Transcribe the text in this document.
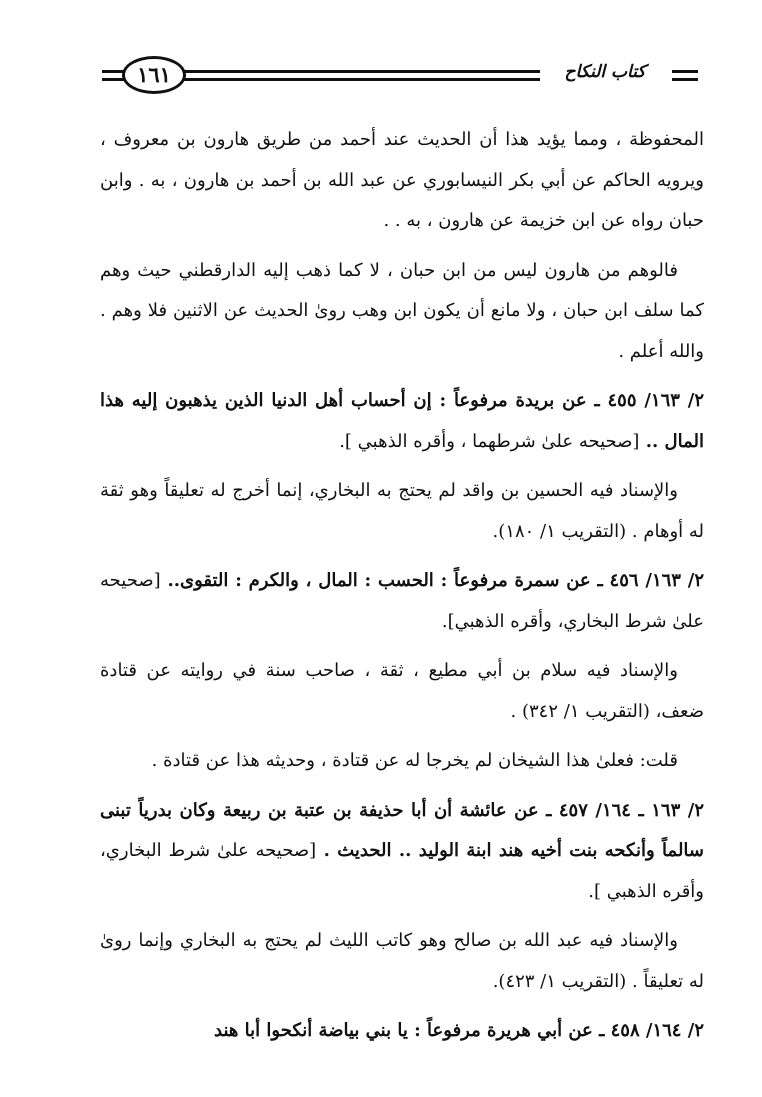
١٦١	كتاب النكاح

المحفوظة ، ومما يؤيد هذا أن الحديث عند أحمد من طريق هارون بن معروف ، ويرويه الحاكم عن أبي بكر النيسابوري عن عبد الله بن أحمد بن هارون ، به . وابن حبان رواه عن ابن خزيمة عن هارون ، به . .

فالوهم من هارون ليس من ابن حبان ، لا كما ذهب إليه الدارقطني حيث وهم كما سلف ابن حبان ، ولا مانع أن يكون ابن وهب روىٰ الحديث عن الاثنين فلا وهم . والله أعلم .

٢/ ١٦٣/ ٤٥٥ ـ عن بريدة مرفوعاً : إن أحساب أهل الدنيا الذين يذهبون إليه هذا المال .. [صحيحه علىٰ شرطهما ، وأقره الذهبي ].

والإسناد فيه الحسين بن واقد لم يحتج به البخاري، إنما أخرج له تعليقاً وهو ثقة له أوهام . (التقريب ١/ ١٨٠).

٢/ ١٦٣/ ٤٥٦ ـ عن سمرة مرفوعاً : الحسب : المال ، والكرم : التقوى.. [صحيحه علىٰ شرط البخاري، وأقره الذهبي].

والإسناد فيه سلام بن أبي مطيع ، ثقة ، صاحب سنة في روايته عن قتادة ضعف، (التقريب ١/ ٣٤٢) .

قلت: فعلىٰ هذا الشيخان لم يخرجا له عن قتادة ، وحديثه هذا عن قتادة .

٢/ ١٦٣ ـ ١٦٤/ ٤٥٧ ـ عن عائشة أن أبا حذيفة بن عتبة بن ربيعة وكان بدرياً تبنى سالماً وأنكحه بنت أخيه هند ابنة الوليد .. الحديث . [صحيحه علىٰ شرط البخاري، وأقره الذهبي ].

والإسناد فيه عبد الله بن صالح وهو كاتب الليث لم يحتج به البخاري وإنما روىٰ له تعليقاً . (التقريب ١/ ٤٢٣).

٢/ ١٦٤/ ٤٥٨ ـ عن أبي هريرة مرفوعاً : يا بني بياضة أنكحوا أبا هند
